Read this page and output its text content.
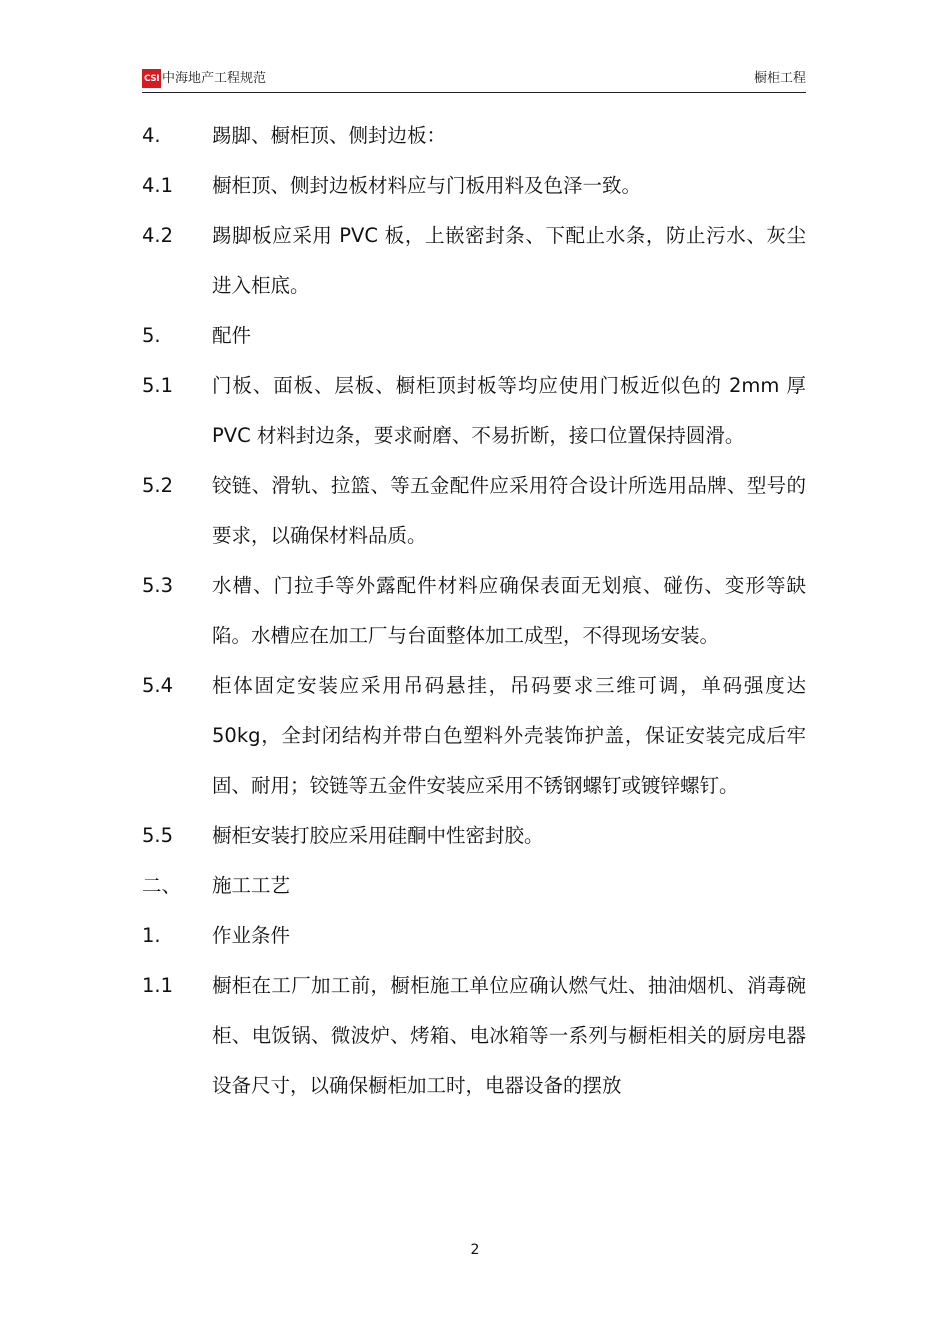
CSI 中海地产工程规范	橱柜工程
4.	踢脚、橱柜顶、侧封边板：
4.1	橱柜顶、侧封边板材料应与门板用料及色泽一致。
4.2	踢脚板应采用 PVC 板，上嵌密封条、下配止水条，防止污水、灰尘进入柜底。
5.	配件
5.1	门板、面板、层板、橱柜顶封板等均应使用门板近似色的 2mm 厚 PVC 材料封边条，要求耐磨、不易折断，接口位置保持圆滑。
5.2	铰链、滑轨、拉篮、等五金配件应采用符合设计所选用品牌、型号的要求，以确保材料品质。
5.3	水槽、门拉手等外露配件材料应确保表面无划痕、碰伤、变形等缺陷。水槽应在加工厂与台面整体加工成型，不得现场安装。
5.4	柜体固定安装应采用吊码悬挂，吊码要求三维可调，单码强度达 50kg，全封闭结构并带白色塑料外壳装饰护盖，保证安装完成后牢固、耐用；铰链等五金件安装应采用不锈钢螺钉或镀锌螺钉。
5.5	橱柜安装打胶应采用硅酮中性密封胶。
二、	施工工艺
1.	作业条件
1.1	橱柜在工厂加工前，橱柜施工单位应确认燃气灶、抽油烟机、消毒碗柜、电饭锅、微波炉、烤箱、电冰箱等一系列与橱柜相关的厨房电器设备尺寸，以确保橱柜加工时，电器设备的摆放
2
